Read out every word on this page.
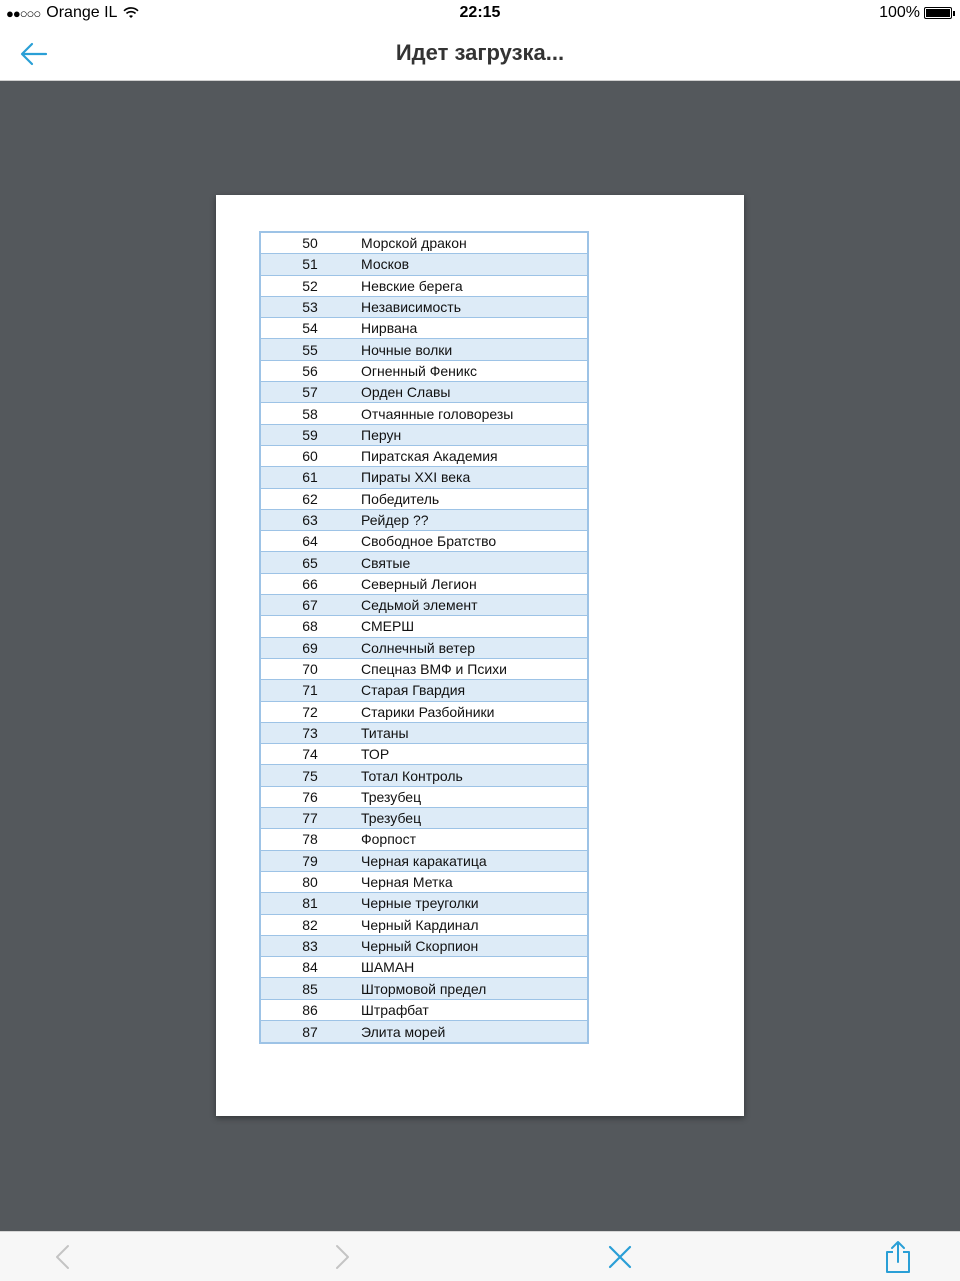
●●○○○ Orange IL	22:15	100%
Идет загрузка...
50	Морской дракон
51	Москов
52	Невские берега
53	Независимость
54	Нирвана
55	Ночные волки
56	Огненный Феникс
57	Орден Славы
58	Отчаянные головорезы
59	Перун
60	Пиратская Академия
61	Пираты XXI века
62	Победитель
63	Рейдер ??
64	Свободное Братство
65	Святые
66	Северный Легион
67	Седьмой элемент
68	СМЕРШ
69	Солнечный ветер
70	Спецназ ВМФ и Психи
71	Старая Гвардия
72	Старики Разбойники
73	Титаны
74	ТОР
75	Тотал Контроль
76	Трезубец
77	Трезубец
78	Форпост
79	Черная каракатица
80	Черная Метка
81	Черные треуголки
82	Черный Кардинал
83	Черный Скорпион
84	ШАМАН
85	Штормовой предел
86	Штрафбат
87	Элита морей
